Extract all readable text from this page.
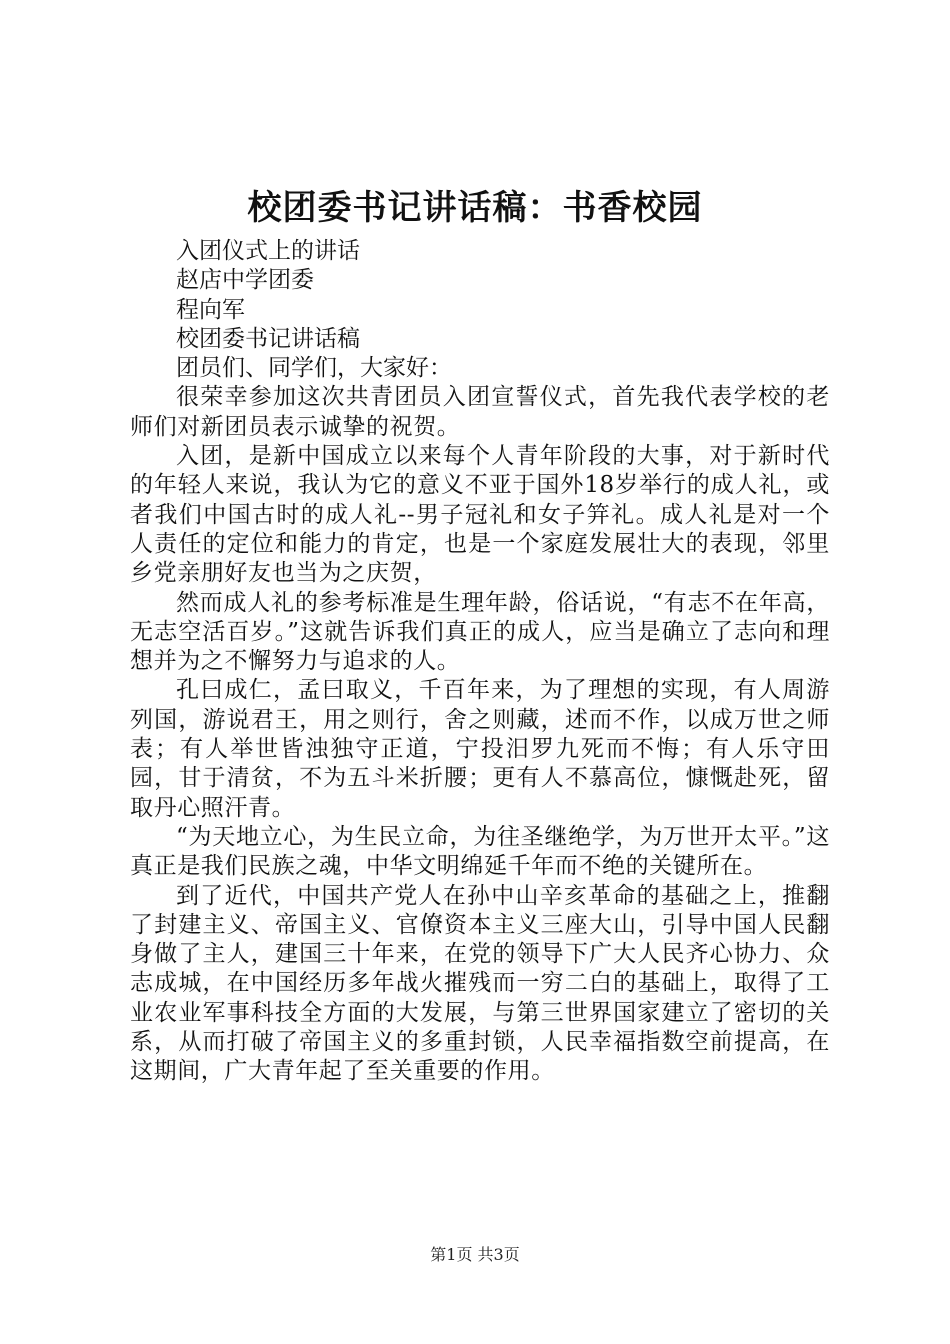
校团委书记讲话稿：书香校园

入团仪式上的讲话

赵店中学团委

程向军

校团委书记讲话稿

团员们、同学们，大家好：

很荣幸参加这次共青团员入团宣誓仪式，首先我代表学校的老师们对新团员表示诚挚的祝贺。

入团，是新中国成立以来每个人青年阶段的大事，对于新时代的年轻人来说，我认为它的意义不亚于国外18岁举行的成人礼，或者我们中国古时的成人礼--男子冠礼和女子笄礼。成人礼是对一个人责任的定位和能力的肯定，也是一个家庭发展壮大的表现，邻里乡党亲朋好友也当为之庆贺，

然而成人礼的参考标准是生理年龄，俗话说，“有志不在年高，无志空活百岁。”这就告诉我们真正的成人，应当是确立了志向和理想并为之不懈努力与追求的人。

孔曰成仁，孟曰取义，千百年来，为了理想的实现，有人周游列国，游说君王，用之则行，舍之则藏，述而不作，以成万世之师表；有人举世皆浊独守正道，宁投汨罗九死而不悔；有人乐守田园，甘于清贫，不为五斗米折腰；更有人不慕高位，慷慨赴死，留取丹心照汗青。

“为天地立心，为生民立命，为往圣继绝学，为万世开太平。”这真正是我们民族之魂，中华文明绵延千年而不绝的关键所在。

到了近代，中国共产党人在孙中山辛亥革命的基础之上，推翻了封建主义、帝国主义、官僚资本主义三座大山，引导中国人民翻身做了主人，建国三十年来，在党的领导下广大人民齐心协力、众志成城，在中国经历多年战火摧残而一穷二白的基础上，取得了工业农业军事科技全方面的大发展，与第三世界国家建立了密切的关系，从而打破了帝国主义的多重封锁，人民幸福指数空前提高，在这期间，广大青年起了至关重要的作用。

第1页 共3页
